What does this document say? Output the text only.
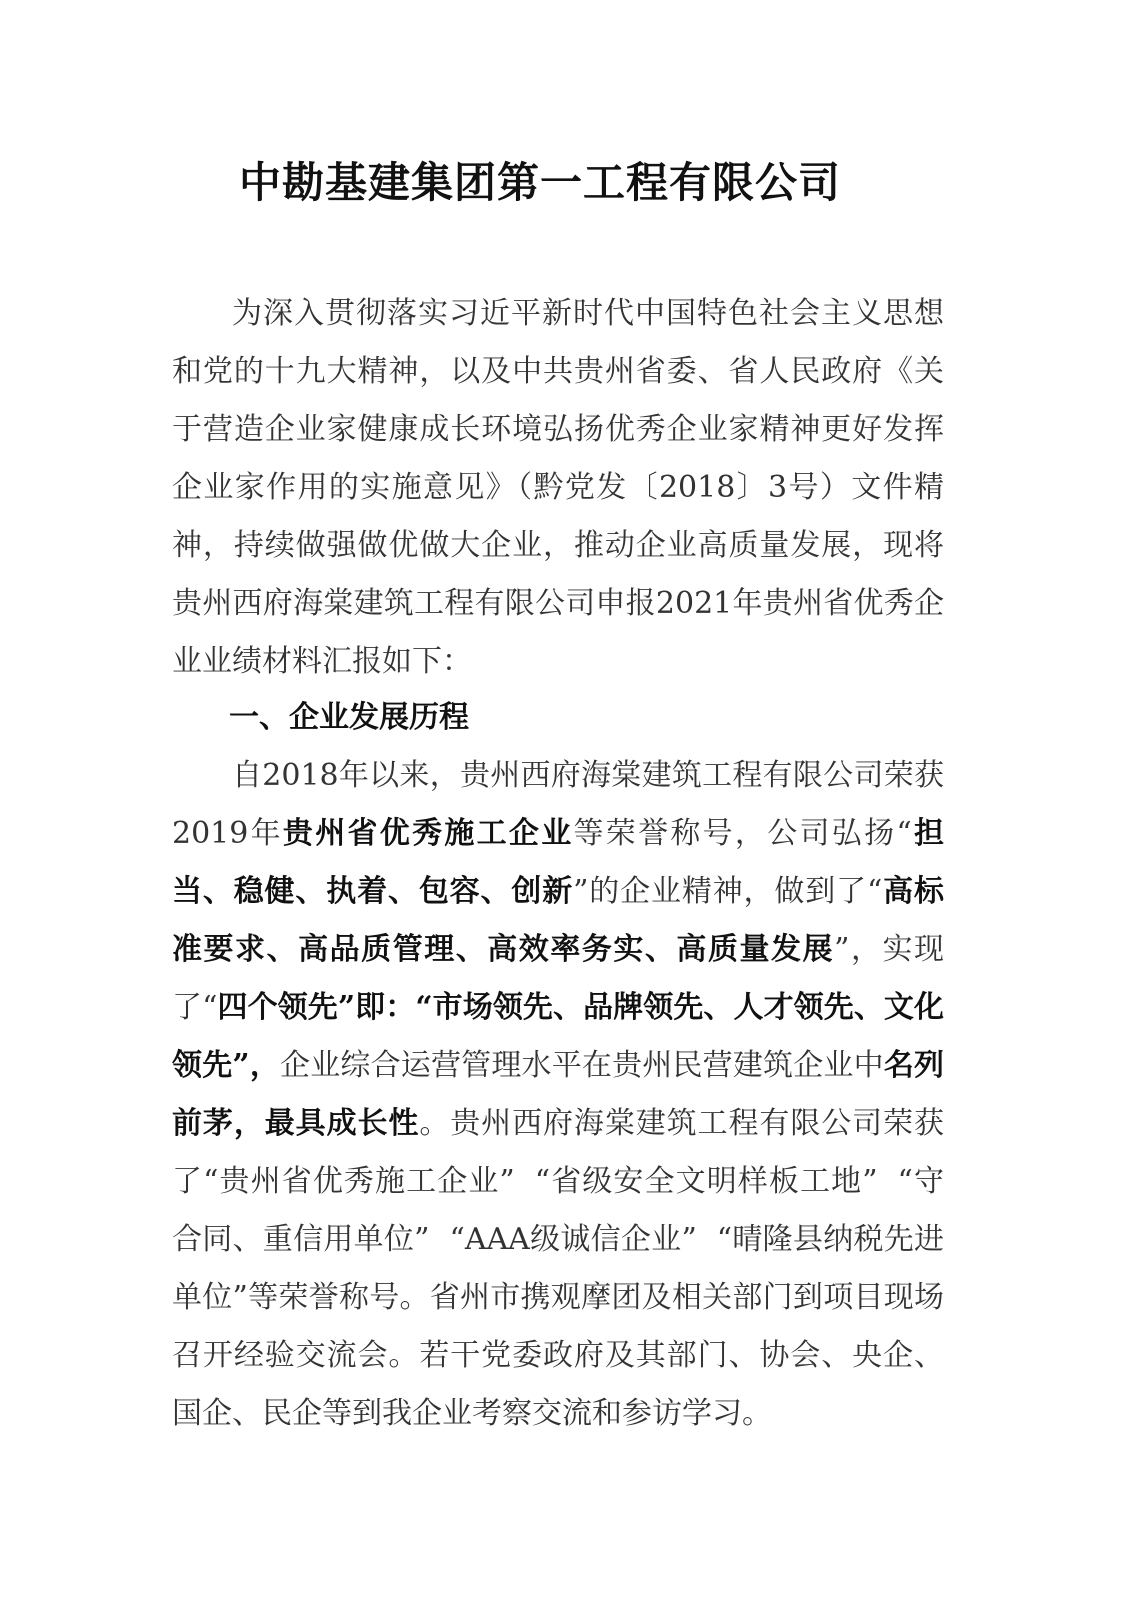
中勘基建集团第一工程有限公司

为深入贯彻落实习近平新时代中国特色社会主义思想和党的十九大精神，以及中共贵州省委、省人民政府《关于营造企业家健康成长环境弘扬优秀企业家精神更好发挥企业家作用的实施意见》（黔党发〔2018〕3号）文件精神，持续做强做优做大企业，推动企业高质量发展，现将贵州西府海棠建筑工程有限公司申报2021年贵州省优秀企业业绩材料汇报如下：

一、企业发展历程

自2018年以来，贵州西府海棠建筑工程有限公司荣获2019年贵州省优秀施工企业等荣誉称号，公司弘扬“担当、稳健、执着、包容、创新”的企业精神，做到了“高标准要求、高品质管理、高效率务实、高质量发展”，实现了“四个领先”即：“市场领先、品牌领先、人才领先、文化领先”，企业综合运营管理水平在贵州民营建筑企业中名列前茅，最具成长性。贵州西府海棠建筑工程有限公司荣获了“贵州省优秀施工企业” “省级安全文明样板工地” “守合同、重信用单位” “AAA级诚信企业” “晴隆县纳税先进单位”等荣誉称号。省州市携观摩团及相关部门到项目现场召开经验交流会。若干党委政府及其部门、协会、央企、国企、民企等到我企业考察交流和参访学习。
